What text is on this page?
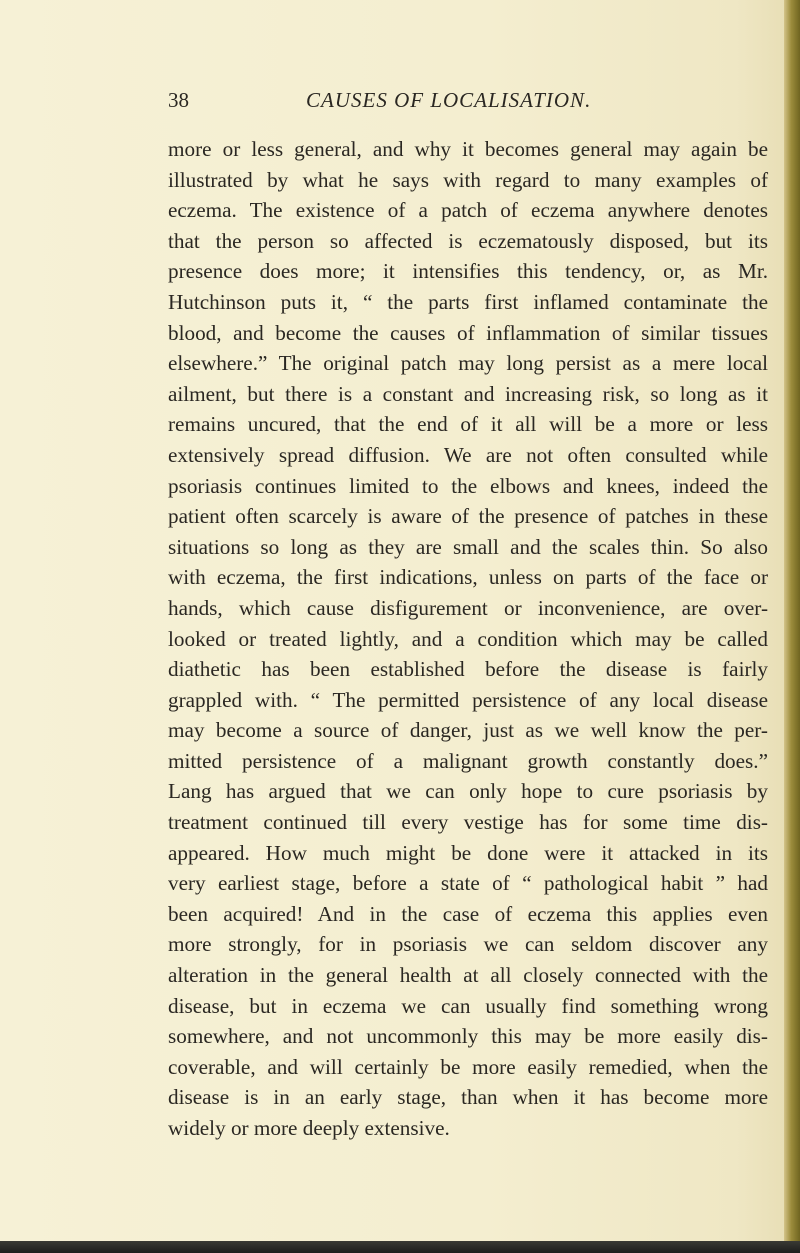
38	CAUSES OF LOCALISATION.
more or less general, and why it becomes general may again be
illustrated by what he says with regard to many examples of
eczema. The existence of a patch of eczema anywhere denotes
that the person so affected is eczematously disposed, but its
presence does more; it intensifies this tendency, or, as Mr.
Hutchinson puts it, “ the parts first inflamed contaminate the
blood, and become the causes of inflammation of similar tissues
elsewhere.” The original patch may long persist as a mere local
ailment, but there is a constant and increasing risk, so long as it
remains uncured, that the end of it all will be a more or less
extensively spread diffusion. We are not often consulted while
psoriasis continues limited to the elbows and knees, indeed the
patient often scarcely is aware of the presence of patches in these
situations so long as they are small and the scales thin. So also
with eczema, the first indications, unless on parts of the face or
hands, which cause disfigurement or inconvenience, are over-
looked or treated lightly, and a condition which may be called
diathetic has been established before the disease is fairly
grappled with. “ The permitted persistence of any local disease
may become a source of danger, just as we well know the per-
mitted persistence of a malignant growth constantly does.”
Lang has argued that we can only hope to cure psoriasis by
treatment continued till every vestige has for some time dis-
appeared. How much might be done were it attacked in its
very earliest stage, before a state of “ pathological habit ” had
been acquired! And in the case of eczema this applies even
more strongly, for in psoriasis we can seldom discover any
alteration in the general health at all closely connected with the
disease, but in eczema we can usually find something wrong
somewhere, and not uncommonly this may be more easily dis-
coverable, and will certainly be more easily remedied, when the
disease is in an early stage, than when it has become more
widely or more deeply extensive.
